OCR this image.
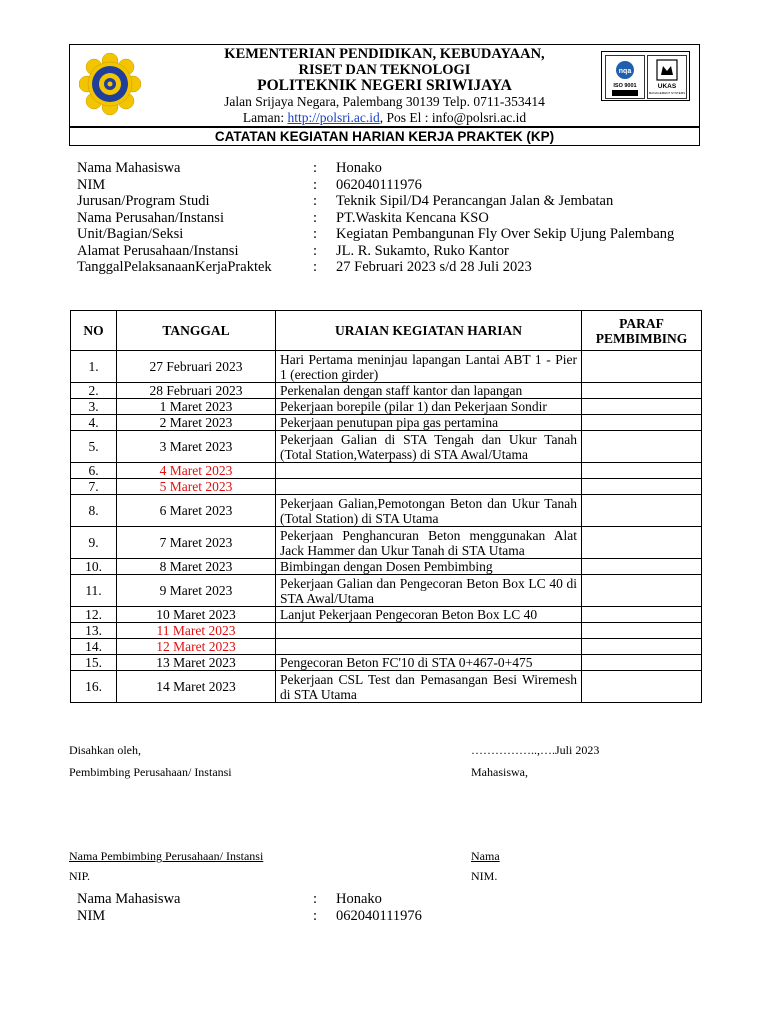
KEMENTERIAN PENDIDIKAN, KEBUDAYAAN,
RISET DAN TEKNOLOGI
POLITEKNIK NEGERI SRIWIJAYA
Jalan Srijaya Negara, Palembang 30139 Telp. 0711-353414
Laman: http://polsri.ac.id, Pos El : info@polsri.ac.id
nqa
ISO 9001	UKAS
MANAGEMENT SYSTEMS
CATATAN KEGIATAN HARIAN KERJA PRAKTEK (KP)
Nama Mahasiswa	:	Honako
NIM	:	062040111976
Jurusan/Program Studi	:	Teknik Sipil/D4 Perancangan Jalan & Jembatan
Nama Perusahan/Instansi	:	PT.Waskita Kencana KSO
Unit/Bagian/Seksi	:	Kegiatan Pembangunan Fly Over Sekip Ujung Palembang
Alamat Perusahaan/Instansi	:	JL. R. Sukamto, Ruko Kantor
TanggalPelaksanaanKerjaPraktek	:	27 Februari 2023 s/d 28 Juli 2023
NO	TANGGAL	URAIAN KEGIATAN HARIAN	PARAF PEMBIMBING
1.	27 Februari 2023	Hari Pertama meninjau lapangan Lantai ABT 1 - Pier 1 (erection girder)	
2.	28 Februari 2023	Perkenalan dengan staff kantor dan lapangan	
3.	1 Maret 2023	Pekerjaan borepile (pilar 1) dan Pekerjaan Sondir	
4.	2 Maret 2023	Pekerjaan penutupan pipa gas pertamina	
5.	3 Maret 2023	Pekerjaan Galian di STA Tengah dan Ukur Tanah (Total Station,Waterpass) di STA Awal/Utama	
6.	4 Maret 2023		
7.	5 Maret 2023		
8.	6 Maret 2023	Pekerjaan Galian,Pemotongan Beton dan Ukur Tanah (Total Station) di STA Utama	
9.	7 Maret 2023	Pekerjaan Penghancuran Beton menggunakan Alat Jack Hammer dan Ukur Tanah di STA Utama	
10.	8 Maret 2023	Bimbingan dengan Dosen Pembimbing	
11.	9 Maret 2023	Pekerjaan Galian dan Pengecoran Beton Box LC 40 di STA Awal/Utama	
12.	10 Maret 2023	Lanjut Pekerjaan Pengecoran Beton Box LC 40	
13.	11 Maret 2023		
14.	12 Maret 2023		
15.	13 Maret 2023	Pengecoran Beton FC'10 di STA 0+467-0+475	
16.	14 Maret 2023	Pekerjaan CSL Test dan Pemasangan Besi Wiremesh di STA Utama	
Disahkan oleh,	……………..,….Juli 2023
Pembimbing Perusahaan/ Instansi	Mahasiswa,
Nama Pembimbing Perusahaan/ Instansi	Nama
NIP.	NIM.
Nama Mahasiswa	:	Honako
NIM	:	062040111976
